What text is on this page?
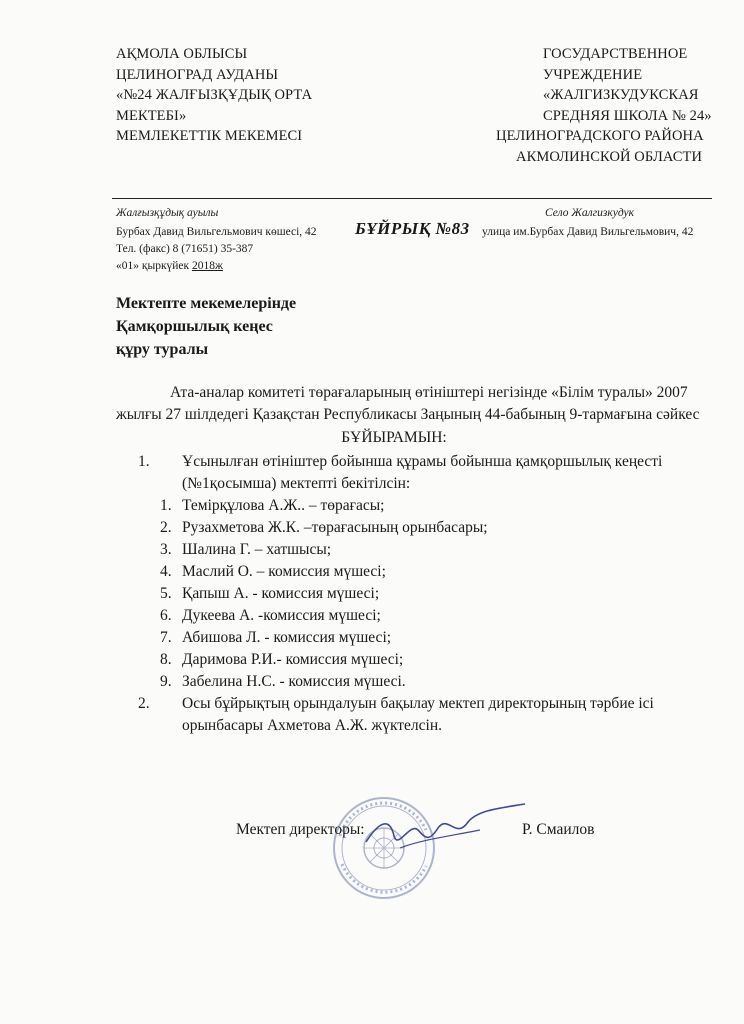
АҚМОЛА ОБЛЫСЫ
ЦЕЛИНОГРАД АУДАНЫ
«№24 ЖАЛҒЫЗҚҰДЫҚ ОРТА
МЕКТЕБІ»
МЕМЛЕКЕТТІК МЕКЕМЕСІ
ГОСУДАРСТВЕННОЕ
УЧРЕЖДЕНИЕ
«ЖАЛГИЗКУДУКСКАЯ
СРЕДНЯЯ ШКОЛА № 24»
ЦЕЛИНОГРАДСКОГО РАЙОНА
АКМОЛИНСКОЙ ОБЛАСТИ
Жалғызқұдық ауылы	Село Жалгизкудук
Бурбах Давид Вильгельмович көшесі, 42
Тел. (факс) 8 (71651) 35-387
«01» қыркүйек 2018ж
БҰЙРЫҚ №83 улица им.Бурбах Давид Вильгельмович, 42
Мектепте мекемелерінде
Қамқоршылық кеңес
құру туралы

Ата-аналар комитеті төрағаларының өтініштері негізінде «Білім туралы» 2007 жылғы 27 шілдедегі Қазақстан Республикасы Заңының 44-бабының 9-тармағына сәйкес

БҰЙЫРАМЫН:

1.	Ұсынылған өтініштер бойынша құрамы бойынша қамқоршылық кеңесті (№1қосымша) мектепті бекітілсін:
1. Темірқұлова А.Ж.. – төрағасы;
2. Рузахметова Ж.К. –төрағасының орынбасары;
3. Шалина Г. – хатшысы;
4. Маслий О. – комиссия мүшесі;
5. Қапыш А. - комиссия мүшесі;
6. Дукеева А. -комиссия мүшесі;
7. Абишова Л. - комиссия мүшесі;
8. Даримова Р.И.- комиссия мүшесі;
9. Забелина Н.С. - комиссия мүшесі.
2.	Осы бұйрықтың орындалуын бақылау мектеп директорының тәрбие ісі орынбасары Ахметова А.Ж. жүктелсін.
Мектеп директоры:	Р. Смаилов
